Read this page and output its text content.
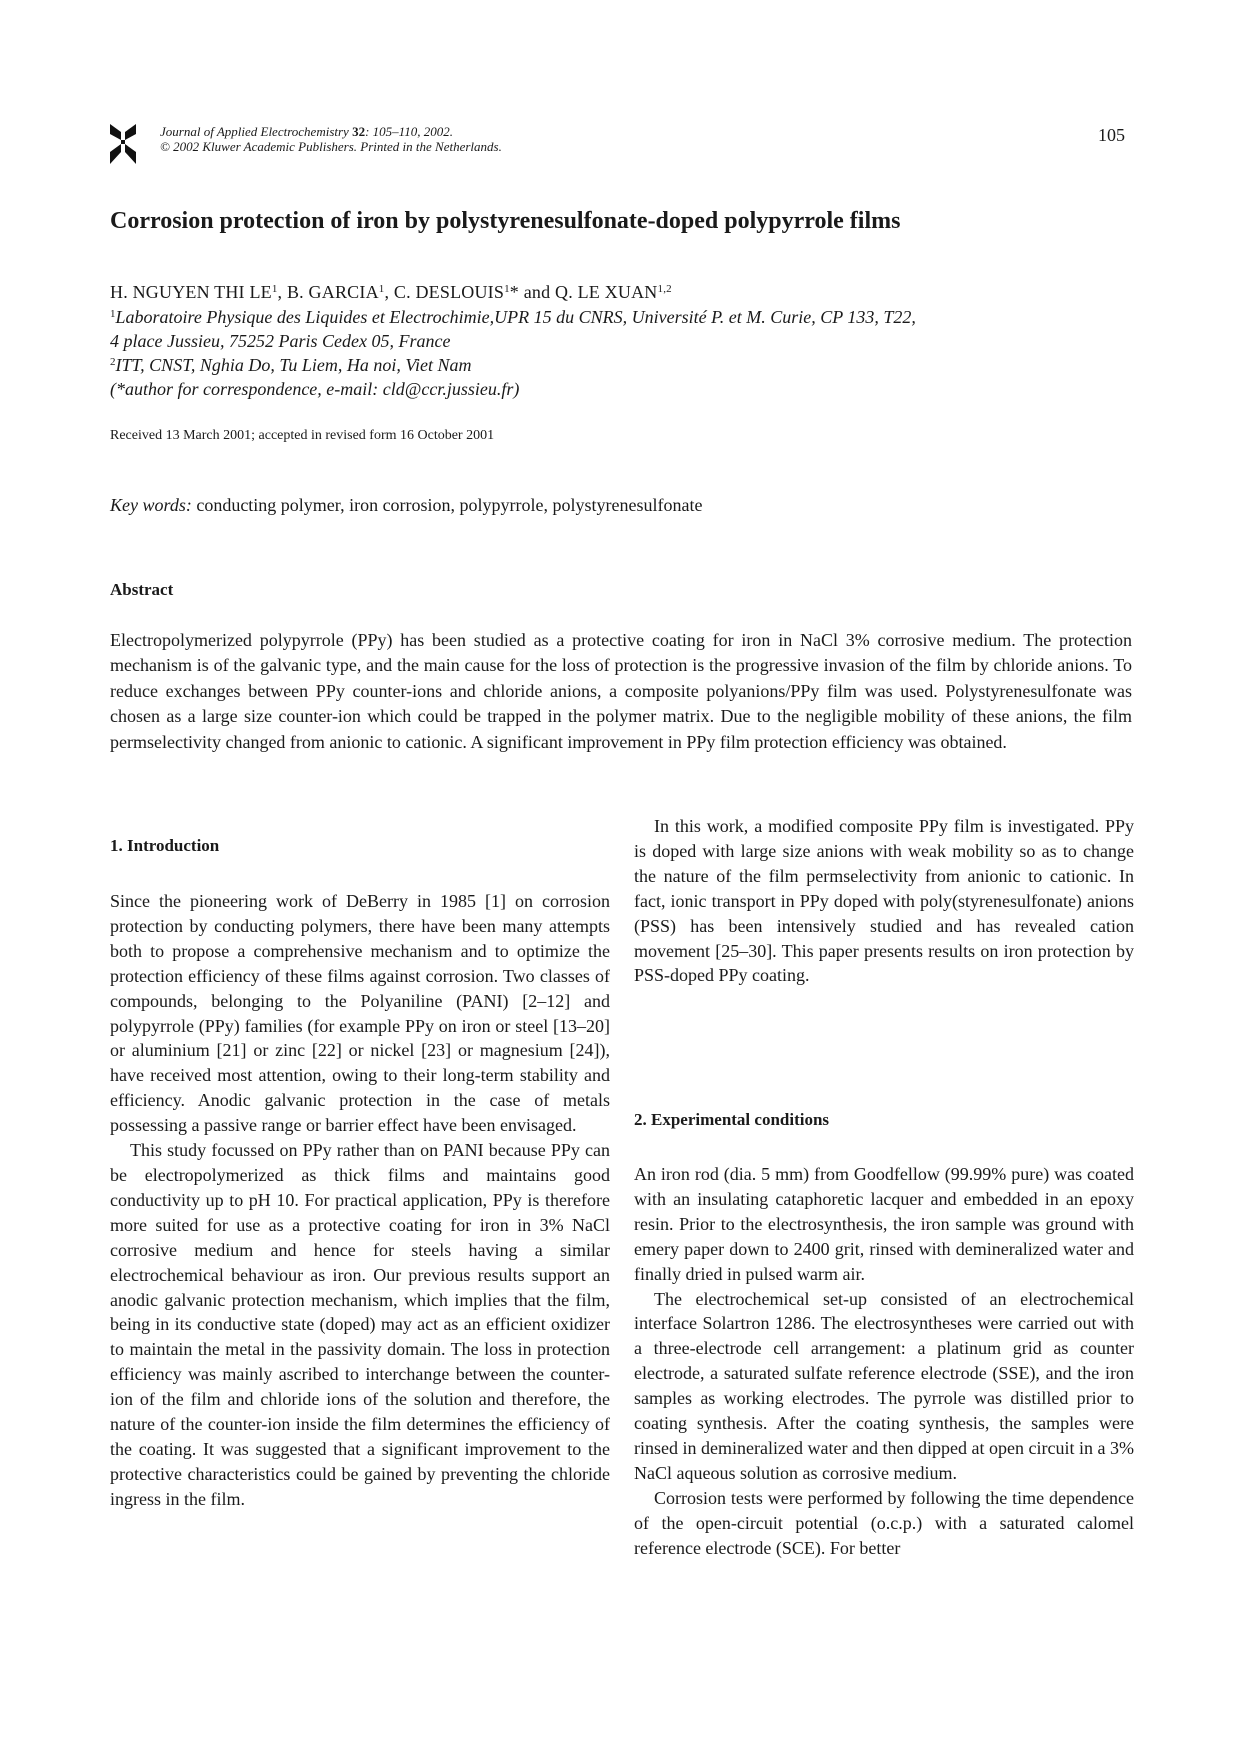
Journal of Applied Electrochemistry 32: 105–110, 2002.
© 2002 Kluwer Academic Publishers. Printed in the Netherlands.
105
Corrosion protection of iron by polystyrenesulfonate-doped polypyrrole films
H. NGUYEN THI $LE^1$, B. GARCIA$^1$, C. DESLOUIS$^1$* and Q. LE XUAN$^{1,2}$
$^1$Laboratoire Physique des Liquides et Electrochimie,UPR 15 du CNRS, Université P. et M. Curie, CP 133, T22,
4 place Jussieu, 75252 Paris Cedex 05, France
$^2$ITT, CNST, Nghia Do, Tu Liem, Ha noi, Viet Nam
(*author for correspondence, e-mail: cld@ccr.jussieu.fr)
Received 13 March 2001; accepted in revised form 16 October 2001
Key words: conducting polymer, iron corrosion, polypyrrole, polystyrenesulfonate
Abstract
Electropolymerized polypyrrole (PPy) has been studied as a protective coating for iron in NaCl 3% corrosive medium. The protection mechanism is of the galvanic type, and the main cause for the loss of protection is the progressive invasion of the film by chloride anions. To reduce exchanges between PPy counter-ions and chloride anions, a composite polyanions/PPy film was used. Polystyrenesulfonate was chosen as a large size counter-ion which could be trapped in the polymer matrix. Due to the negligible mobility of these anions, the film permselectivity changed from anionic to cationic. A significant improvement in PPy film protection efficiency was obtained.
1. Introduction

Since the pioneering work of DeBerry in 1985 [1] on corrosion protection by conducting polymers, there have been many attempts both to propose a comprehensive mechanism and to optimize the protection efficiency of these films against corrosion. Two classes of compounds, belonging to the Polyaniline (PANI) [2–12] and polypyrrole (PPy) families (for example PPy on iron or steel [13–20] or aluminium [21] or zinc [22] or nickel [23] or magnesium [24]), have received most attention, owing to their long-term stability and efficiency. Anodic galvanic protection in the case of metals possessing a passive range or barrier effect have been envisaged.

This study focussed on PPy rather than on PANI because PPy can be electropolymerized as thick films and maintains good conductivity up to pH 10. For practical application, PPy is therefore more suited for use as a protective coating for iron in 3% NaCl corrosive medium and hence for steels having a similar electrochemical behaviour as iron. Our previous results support an anodic galvanic protection mechanism, which implies that the film, being in its conductive state (doped) may act as an efficient oxidizer to maintain the metal in the passivity domain. The loss in protection efficiency was mainly ascribed to interchange between the counter-ion of the film and chloride ions of the solution and therefore, the nature of the counter-ion inside the film determines the efficiency of the coating. It was suggested that a significant improvement to the protective characteristics could be gained by preventing the chloride ingress in the film.

In this work, a modified composite PPy film is investigated. PPy is doped with large size anions with weak mobility so as to change the nature of the film permselectivity from anionic to cationic. In fact, ionic transport in PPy doped with poly(styrenesulfonate) anions (PSS) has been intensively studied and has revealed cation movement [25–30]. This paper presents results on iron protection by PSS-doped PPy coating.

2. Experimental conditions

An iron rod (dia. 5 mm) from Goodfellow (99.99% pure) was coated with an insulating cataphoretic lacquer and embedded in an epoxy resin. Prior to the electrosynthesis, the iron sample was ground with emery paper down to 2400 grit, rinsed with demineralized water and finally dried in pulsed warm air.

The electrochemical set-up consisted of an electrochemical interface Solartron 1286. The electrosyntheses were carried out with a three-electrode cell arrangement: a platinum grid as counter electrode, a saturated sulfate reference electrode (SSE), and the iron samples as working electrodes. The pyrrole was distilled prior to coating synthesis. After the coating synthesis, the samples were rinsed in demineralized water and then dipped at open circuit in a 3% NaCl aqueous solution as corrosive medium.

Corrosion tests were performed by following the time dependence of the open-circuit potential (o.c.p.) with a saturated calomel reference electrode (SCE). For better
